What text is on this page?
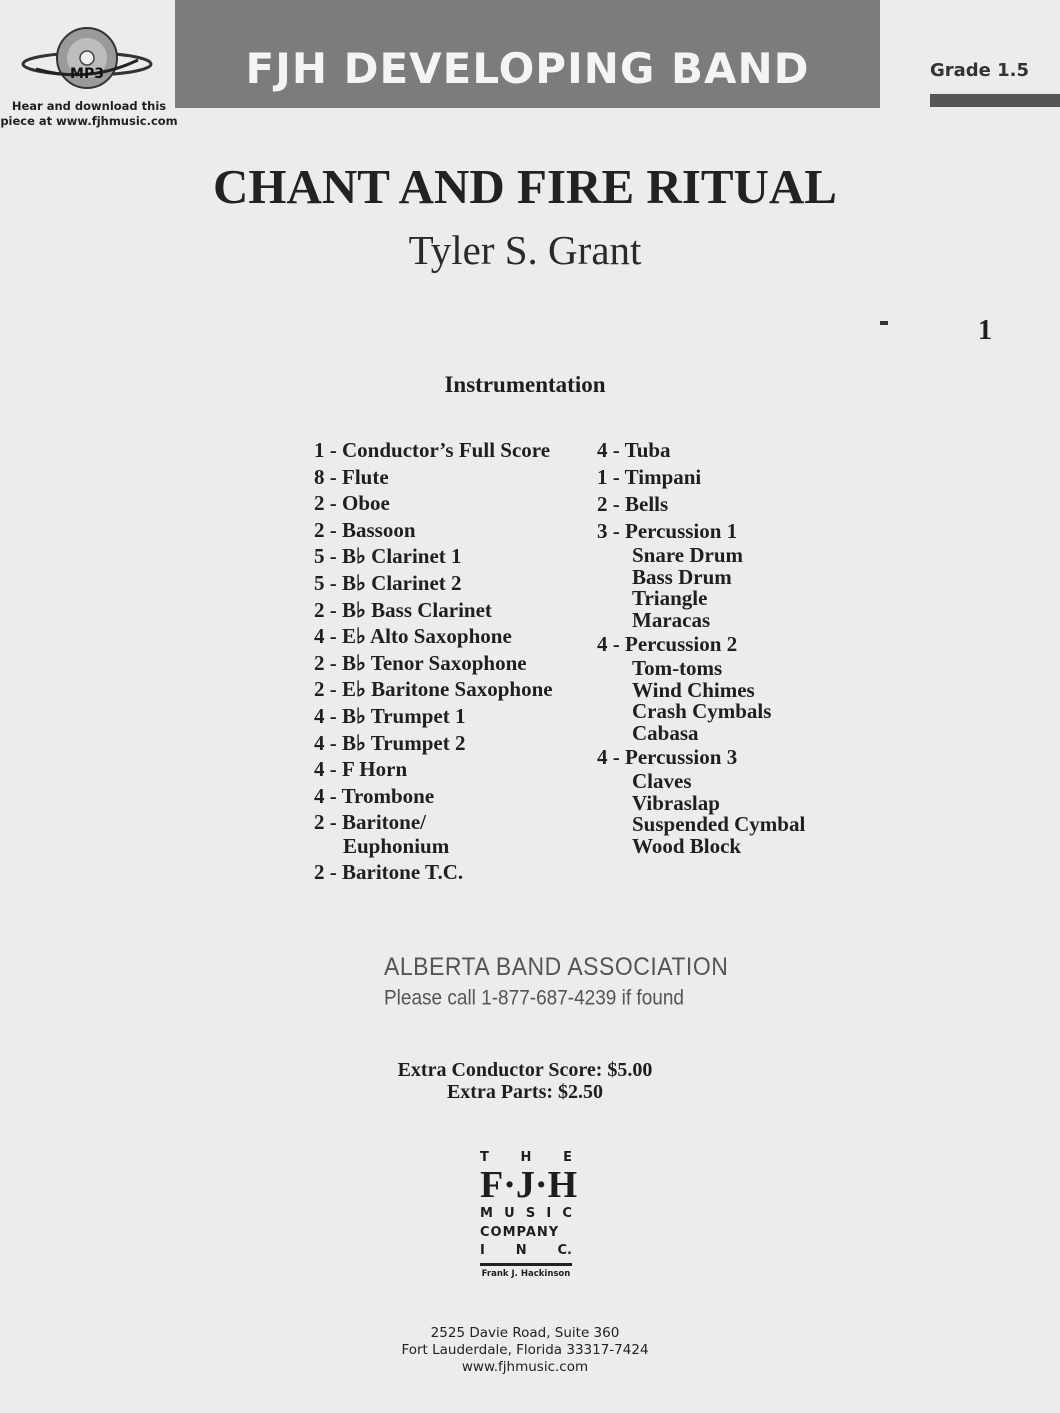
MP3
Hear and download this
piece at www.fjhmusic.com
FJH DEVELOPING BAND	Grade 1.5
CHANT AND FIRE RITUAL
Tyler S. Grant
1
Instrumentation
1 - Conductor’s Full Score
8 - Flute
2 - Oboe
2 - Bassoon
5 - B♭ Clarinet 1
5 - B♭ Clarinet 2
2 - B♭ Bass Clarinet
4 - E♭ Alto Saxophone
2 - B♭ Tenor Saxophone
2 - E♭ Baritone Saxophone
4 - B♭ Trumpet 1
4 - B♭ Trumpet 2
4 - F Horn
4 - Trombone
2 - Baritone/
Euphonium
2 - Baritone T.C.
4 - Tuba
1 - Timpani
2 - Bells
3 - Percussion 1
Snare Drum
Bass Drum
Triangle
Maracas
4 - Percussion 2
Tom-toms
Wind Chimes
Crash Cymbals
Cabasa
4 - Percussion 3
Claves
Vibraslap
Suspended Cymbal
Wood Block
ALBERTA BAND ASSOCIATION
Please call 1-877-687-4239 if found
Extra Conductor Score: $5.00
Extra Parts: $2.50
T H E
F · J · H
M U S I C
COMPANY
I N C.
Frank J. Hackinson
2525 Davie Road, Suite 360
Fort Lauderdale, Florida 33317-7424
www.fjhmusic.com
